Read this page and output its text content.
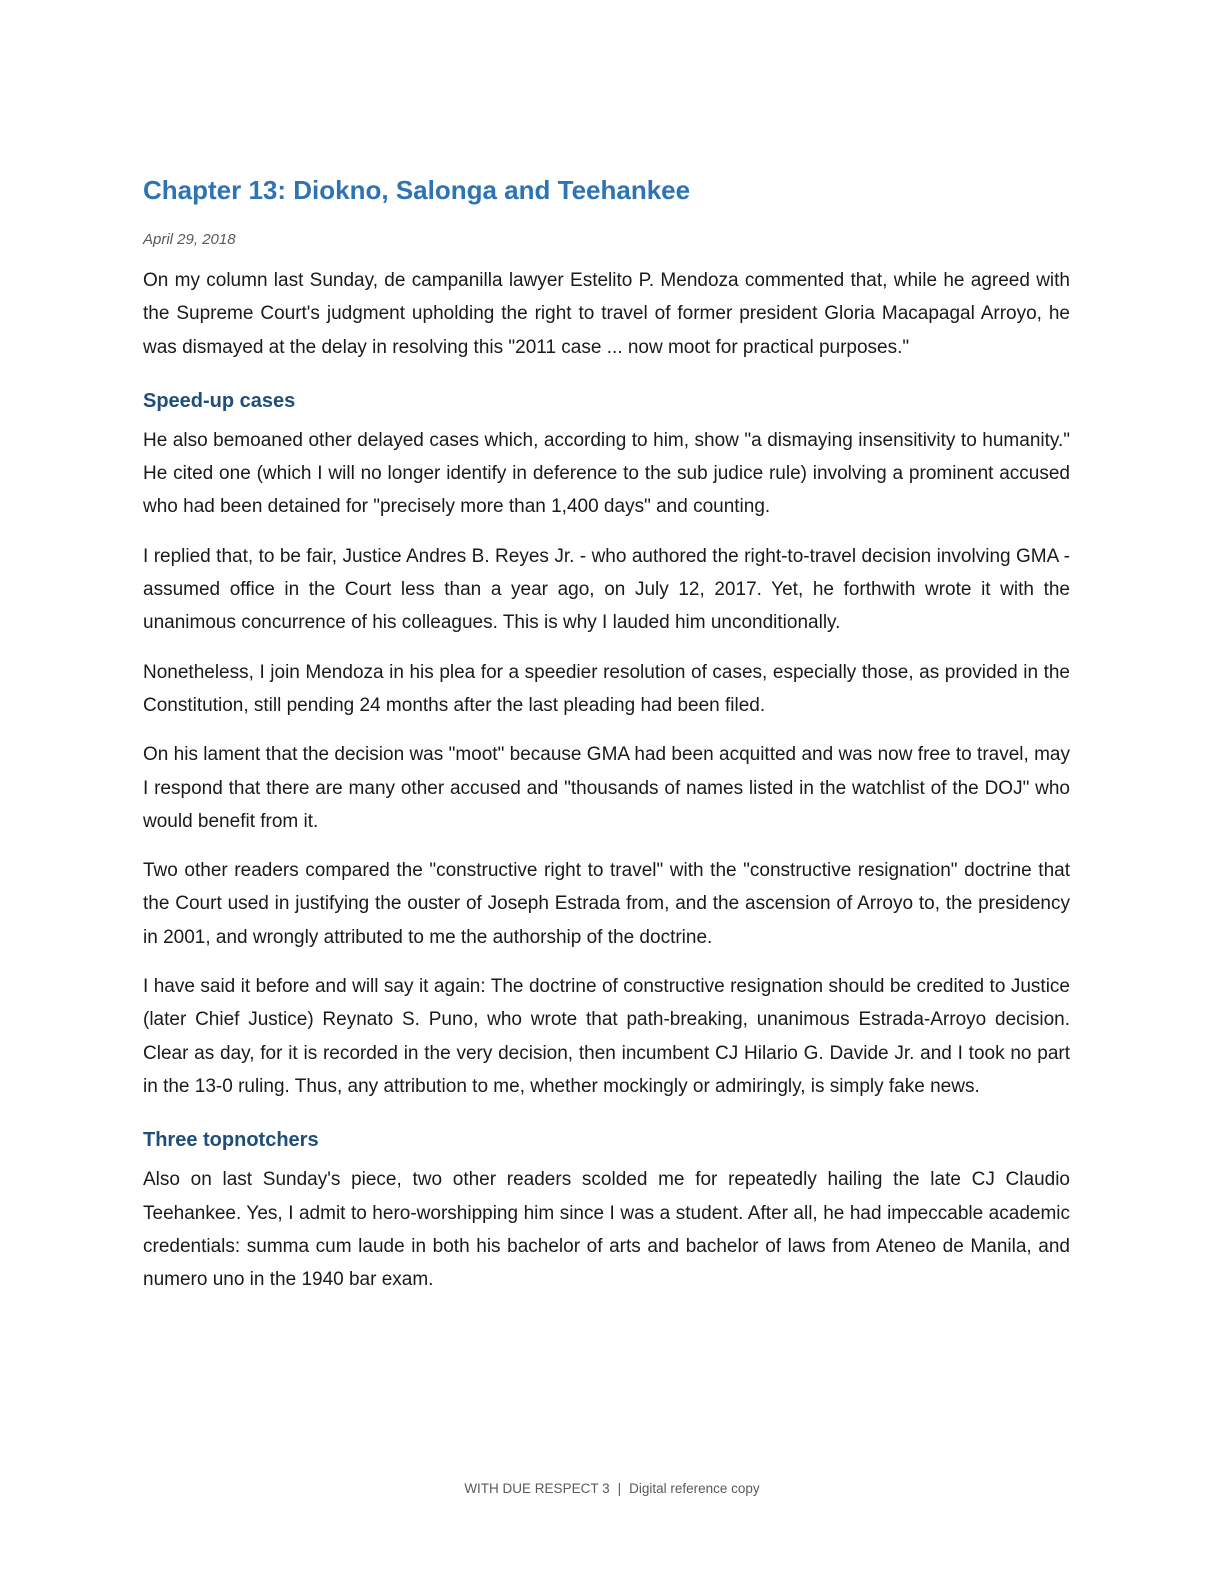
Chapter 13: Diokno, Salonga and Teehankee
April 29, 2018

On my column last Sunday, de campanilla lawyer Estelito P. Mendoza commented that, while he agreed with the Supreme Court's judgment upholding the right to travel of former president Gloria Macapagal Arroyo, he was dismayed at the delay in resolving this "2011 case ... now moot for practical purposes."

Speed-up cases

He also bemoaned other delayed cases which, according to him, show "a dismaying insensitivity to humanity." He cited one (which I will no longer identify in deference to the sub judice rule) involving a prominent accused who had been detained for "precisely more than 1,400 days" and counting.

I replied that, to be fair, Justice Andres B. Reyes Jr. - who authored the right-to-travel decision involving GMA - assumed office in the Court less than a year ago, on July 12, 2017. Yet, he forthwith wrote it with the unanimous concurrence of his colleagues. This is why I lauded him unconditionally.

Nonetheless, I join Mendoza in his plea for a speedier resolution of cases, especially those, as provided in the Constitution, still pending 24 months after the last pleading had been filed.

On his lament that the decision was "moot" because GMA had been acquitted and was now free to travel, may I respond that there are many other accused and "thousands of names listed in the watchlist of the DOJ" who would benefit from it.

Two other readers compared the "constructive right to travel" with the "constructive resignation" doctrine that the Court used in justifying the ouster of Joseph Estrada from, and the ascension of Arroyo to, the presidency in 2001, and wrongly attributed to me the authorship of the doctrine.

I have said it before and will say it again: The doctrine of constructive resignation should be credited to Justice (later Chief Justice) Reynato S. Puno, who wrote that path-breaking, unanimous Estrada-Arroyo decision. Clear as day, for it is recorded in the very decision, then incumbent CJ Hilario G. Davide Jr. and I took no part in the 13-0 ruling. Thus, any attribution to me, whether mockingly or admiringly, is simply fake news.

Three topnotchers

Also on last Sunday's piece, two other readers scolded me for repeatedly hailing the late CJ Claudio Teehankee. Yes, I admit to hero-worshipping him since I was a student. After all, he had impeccable academic credentials: summa cum laude in both his bachelor of arts and bachelor of laws from Ateneo de Manila, and numero uno in the 1940 bar exam.

WITH DUE RESPECT 3 | Digital reference copy
